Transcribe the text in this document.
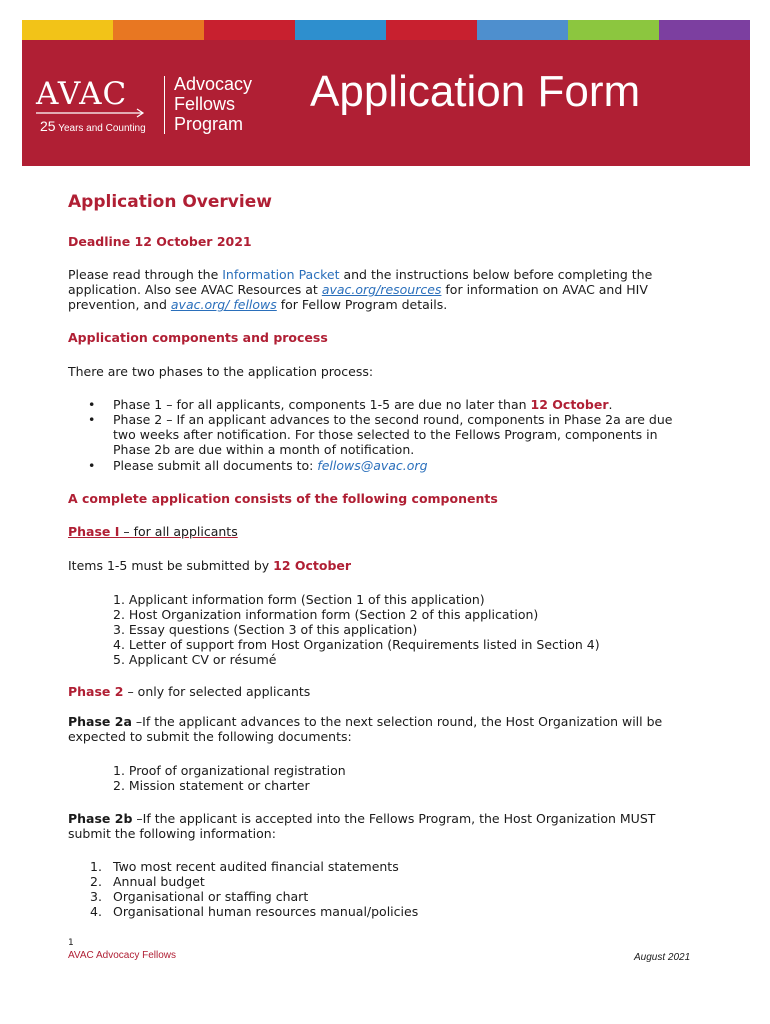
AVAC
25 Years and Counting
Advocacy
Fellows
Program
Application Form
Application Overview
Deadline 12 October 2021
Please read through the Information Packet and the instructions below before completing the
application. Also see AVAC Resources at avac.org/resources for information on AVAC and HIV
prevention, and avac.org/ fellows for Fellow Program details.
Application components and process
There are two phases to the application process:
• Phase 1 – for all applicants, components 1-5 are due no later than 12 October.
• Phase 2 – If an applicant advances to the second round, components in Phase 2a are due
two weeks after notification. For those selected to the Fellows Program, components in
Phase 2b are due within a month of notification.
• Please submit all documents to: fellows@avac.org
A complete application consists of the following components
Phase I – for all applicants
Items 1-5 must be submitted by 12 October
1. Applicant information form (Section 1 of this application)
2. Host Organization information form (Section 2 of this application)
3. Essay questions (Section 3 of this application)
4. Letter of support from Host Organization (Requirements listed in Section 4)
5. Applicant CV or résumé
Phase 2 – only for selected applicants
Phase 2a –If the applicant advances to the next selection round, the Host Organization will be
expected to submit the following documents:
1. Proof of organizational registration
2. Mission statement or charter
Phase 2b –If the applicant is accepted into the Fellows Program, the Host Organization MUST
submit the following information:
1. Two most recent audited financial statements
2. Annual budget
3. Organisational or staffing chart
4. Organisational human resources manual/policies
1
AVAC Advocacy Fellows	August 2021
